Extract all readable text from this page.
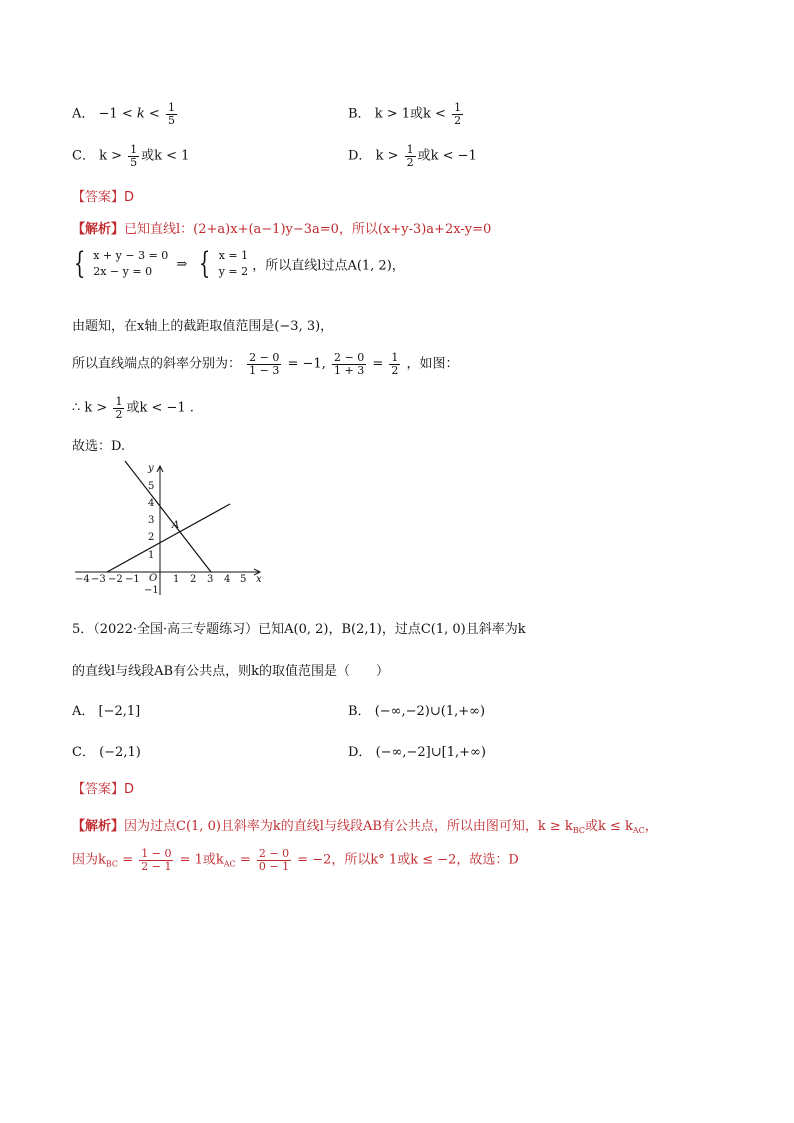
A． $-1 < k < \frac{1}{5}$	B． k > 1或$k < \frac{1}{2}$
C． $k > \frac{1}{5}$ 或k < 1	D． $k > \frac{1}{2}$ 或k < −1
【答案】D
【解析】已知直线l：(2+a)x+(a−1)y−3a=0，所以(x+y-3)a+2x-y=0
{ x + y − 3 = 0
2x − y = 0 ⇒ { x = 1
y = 2 ，所以直线l过点A(1, 2)，
由题知，在x轴上的截距取值范围是(−3, 3)，
所以直线端点的斜率分别为： $\frac{2 - 0}{1 - 3} = -1$, $\frac{2 - 0}{1 + 3} = \frac{1}{2}$ ，如图：
∴ $k > \frac{1}{2}$ 或k < −1 .
故选：D.
y
x
O
A
−4 −3 −2 −1	1 2 3 4 5
1
2
3
4
5
−1
5．（2022·全国·高三专题练习）已知A(0, 2)，B(2,1)，过点C(1, 0)且斜率为k
的直线l与线段AB有公共点，则k的取值范围是（　　）
A． [−2,1]	B． (−∞,−2)∪(1,+∞)
C． (−2,1)	D． (−∞,−2]∪[1,+∞)
【答案】D
【解析】因为过点C(1, 0)且斜率为k的直线l与线段AB有公共点，所以由图可知，$k \ge k_{BC}$或$k \le k_{AC}$，
因为$k_{BC} = \frac{1 - 0}{2 - 1} = 1$或$k_{AC} = \frac{2 - 0}{0 - 1} = -2$，所以k° 1或k ≤ −2，故选：D
